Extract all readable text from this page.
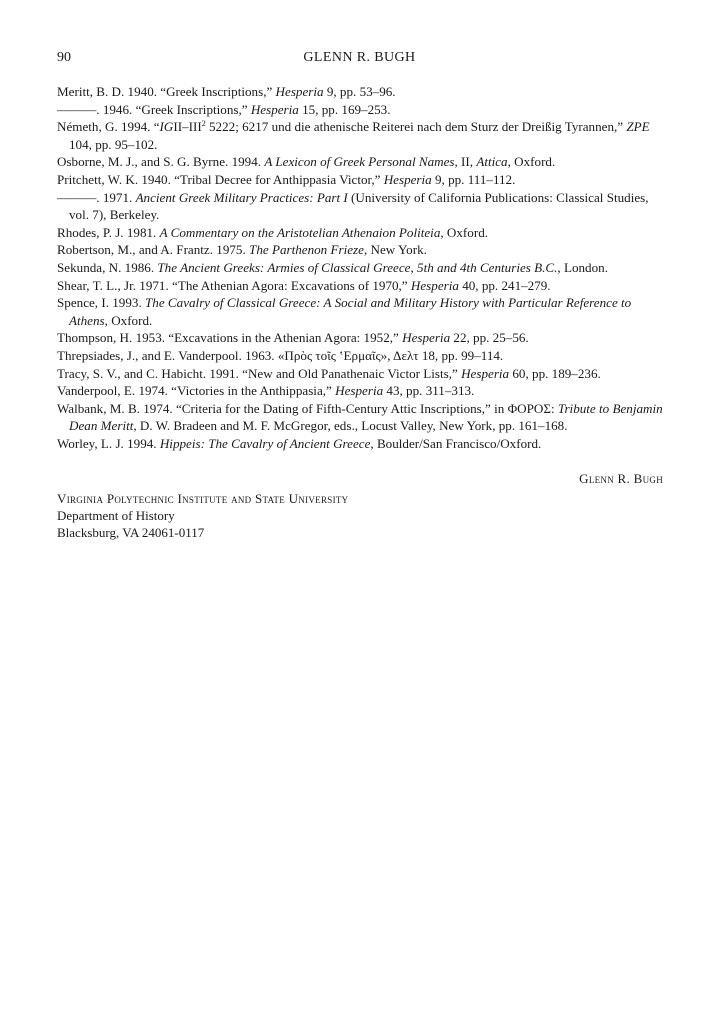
90	GLENN R. BUGH
Meritt, B. D. 1940. “Greek Inscriptions,” Hesperia 9, pp. 53–96.
———. 1946. “Greek Inscriptions,” Hesperia 15, pp. 169–253.
Németh, G. 1994. “IGII–III$^2$ 5222; 6217 und die athenische Reiterei nach dem Sturz der Dreißig Tyrannen,” ZPE 104, pp. 95–102.
Osborne, M. J., and S. G. Byrne. 1994. A Lexicon of Greek Personal Names, II, Attica, Oxford.
Pritchett, W. K. 1940. “Tribal Decree for Anthippasia Victor,” Hesperia 9, pp. 111–112.
———. 1971. Ancient Greek Military Practices: Part I (University of California Publications: Classical Studies, vol. 7), Berkeley.
Rhodes, P. J. 1981. A Commentary on the Aristotelian Athenaion Politeia, Oxford.
Robertson, M., and A. Frantz. 1975. The Parthenon Frieze, New York.
Sekunda, N. 1986. The Ancient Greeks: Armies of Classical Greece, 5th and 4th Centuries B.C., London.
Shear, T. L., Jr. 1971. “The Athenian Agora: Excavations of 1970,” Hesperia 40, pp. 241–279.
Spence, I. 1993. The Cavalry of Classical Greece: A Social and Military History with Particular Reference to Athens, Oxford.
Thompson, H. 1953. “Excavations in the Athenian Agora: 1952,” Hesperia 22, pp. 25–56.
Threpsiades, J., and E. Vanderpool. 1963. «Πρὸς τοῖς ʽΕρμαῖς», Δελτ 18, pp. 99–114.
Tracy, S. V., and C. Habicht. 1991. “New and Old Panathenaic Victor Lists,” Hesperia 60, pp. 189–236.
Vanderpool, E. 1974. “Victories in the Anthippasia,” Hesperia 43, pp. 311–313.
Walbank, M. B. 1974. “Criteria for the Dating of Fifth-Century Attic Inscriptions,” in ΦΟΡΟΣ: Tribute to Benjamin Dean Meritt, D. W. Bradeen and M. F. McGregor, eds., Locust Valley, New York, pp. 161–168.
Worley, L. J. 1994. Hippeis: The Cavalry of Ancient Greece, Boulder/San Francisco/Oxford.
Glenn R. Bugh
Virginia Polytechnic Institute and State University
Department of History
Blacksburg, VA 24061-0117
